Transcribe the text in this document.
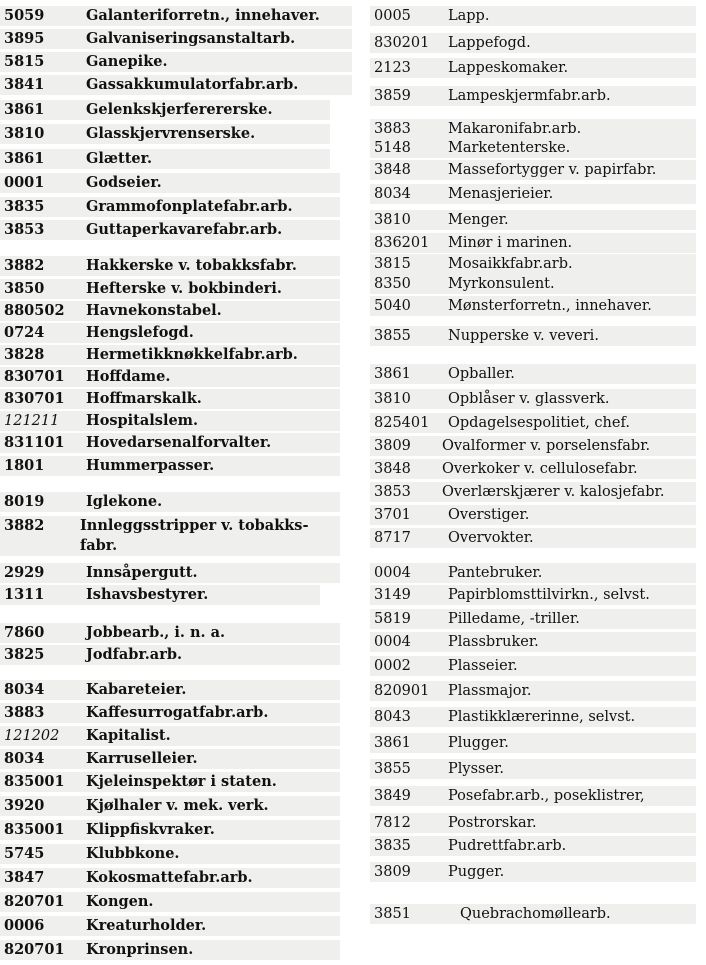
5059	Galanteriforretn., innehaver.
3895	Galvaniseringsanstaltarb.
5815	Ganepike.
3841	Gassakkumulatorfabr.arb.
3861	Gelenkskjerferererske.
3810	Glasskjervrenserske.
3861	Glætter.
0001	Godseier.
3835	Grammofonplatefabr.arb.
3853	Guttaperkavarefabr.arb.
3882	Hakkerske v. tobakksfabr.
3850	Hefterske v. bokbinderi.
880502 Havnekonstabel.
0724	Hengslefogd.
3828	Hermetikknøkkelfabr.arb.
830701 Hoffdame.
830701 Hoffmarskalk.
121211 Hospitalslem.
831101 Hovedarsenalforvalter.
1801	Hummerpasser.
8019	Iglekone.
3882 Innleggsstripper v. tobakks-fabr.
2929	Innsåpergutt.
1311	Ishavsbestyrer.
7860	Jobbearb., i. n. a.
3825	Jodfabr.arb.
8034	Kabareteier.
3883	Kaffesurrogatfabr.arb.
121202 Kapitalist.
8034	Karruselleier.
835001 Kjeleinspektør i staten.
3920	Kjølhaler v. mek. verk.
835001 Klippfiskvraker.
5745	Klubbkone.
3847	Kokosmattefabr.arb.
820701 Kongen.
0006	Kreaturholder.
820701 Kronprinsen.
0005	Lapp.
830201 Lappefogd.
2123	Lappeskomaker.
3859	Lampeskjermfabr.arb.
3883	Makaronifabr.arb.
5148	Marketenterske.
3848	Massefortygger v. papirfabr.
8034	Menasjerieier.
3810	Menger.
836201 Minør i marinen.
3815	Mosaikkfabr.arb.
8350	Myrkonsulent.
5040	Mønsterforretn., innehaver.
3855	Nupperske v. veveri.
3861	Opballer.
3810	Opblåser v. glassverk.
825401 Opdagelsespolitiet, chef.
3809 Ovalformer v. porselensfabr.
3848 Overkoker v. cellulosefabr.
3853 Overlærskjærer v. kalosjefabr.
3701	Overstiger.
8717	Overvokter.
0004	Pantebruker.
3149	Papirblomsttilvirkn., selvst.
5819	Pilledame, -triller.
0004	Plassbruker.
0002	Plasseier.
820901 Plassmajor.
8043	Plastikklærerinne, selvst.
3861	Plugger.
3855	Plysser.
3849	Posefabr.arb., poseklistrer,
7812	Postrorskar.
3835	Pudrettfabr.arb.
3809	Pugger.
3851	Quebrachomøllearb.
